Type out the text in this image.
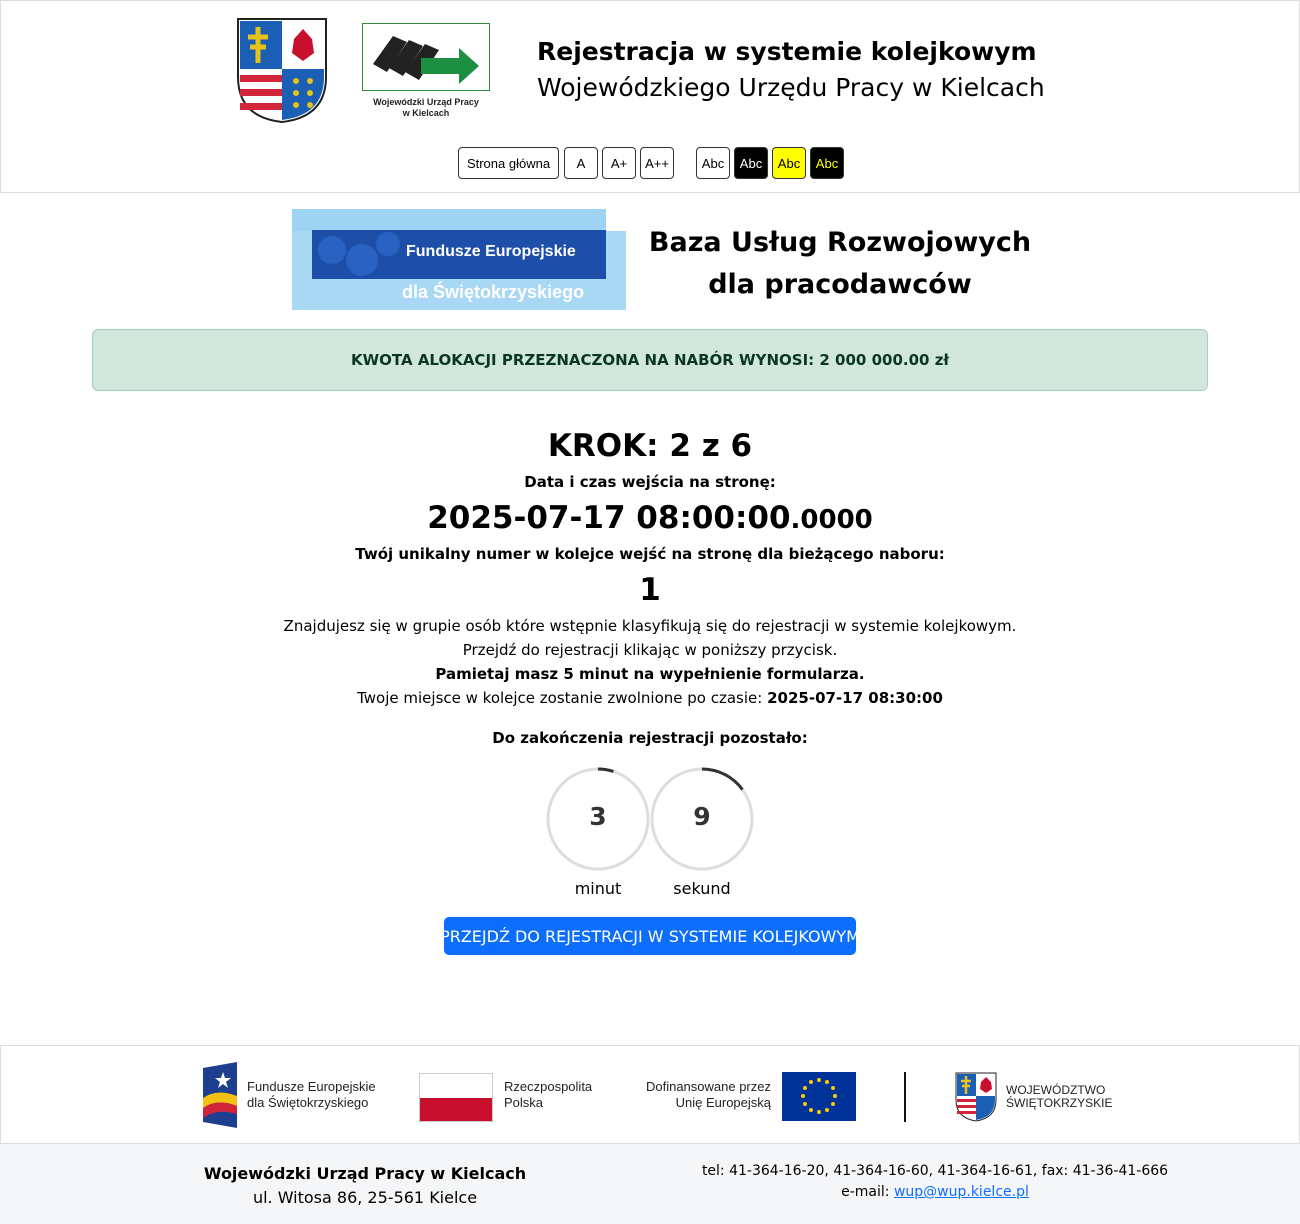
Wojewódzki Urząd Pracy
w Kielcach
Rejestracja w systemie kolejkowym
Wojewódzkiego Urzędu Pracy w Kielcach
Strona główna	A	A+	A++	Abc	Abc	Abc	Abc
Fundusze Europejskie
dla Świętokrzyskiego
Baza Usług Rozwojowych
dla pracodawców
KWOTA ALOKACJI PRZEZNACZONA NA NABÓR WYNOSI:
2 000 000.00 zł
KROK: 2 z 6
Data i czas wejścia na stronę:
2025-07-17 08:00:00.0000
Twój unikalny numer w kolejce wejść na stronę dla bieżącego naboru:
1
Znajdujesz się w grupie osób które wstępnie klasyfikują się do rejestracji w systemie kolejkowym.
Przejdź do rejestracji klikając w poniższy przycisk.
Pamietaj masz 5 minut na wypełnienie formularza.
Twoje miejsce w kolejce zostanie zwolnione po czasie: 2025-07-17 08:30:00
Do zakończenia rejestracji pozostało:
3
minut
9
sekund
PRZEJDŹ DO REJESTRACJI W SYSTEMIE KOLEJKOWYM
Fundusze Europejskie
dla Świętokrzyskiego
Rzeczpospolita
Polska
Dofinansowane przez
Unię Europejską
WOJEWÓDZTWO
ŚWIĘTOKRZYSKIE
Wojewódzki Urząd Pracy w Kielcach
ul. Witosa 86, 25-561 Kielce
tel: 41-364-16-20, 41-364-16-60, 41-364-16-61, fax: 41-36-41-666
e-mail: wup@wup.kielce.pl
